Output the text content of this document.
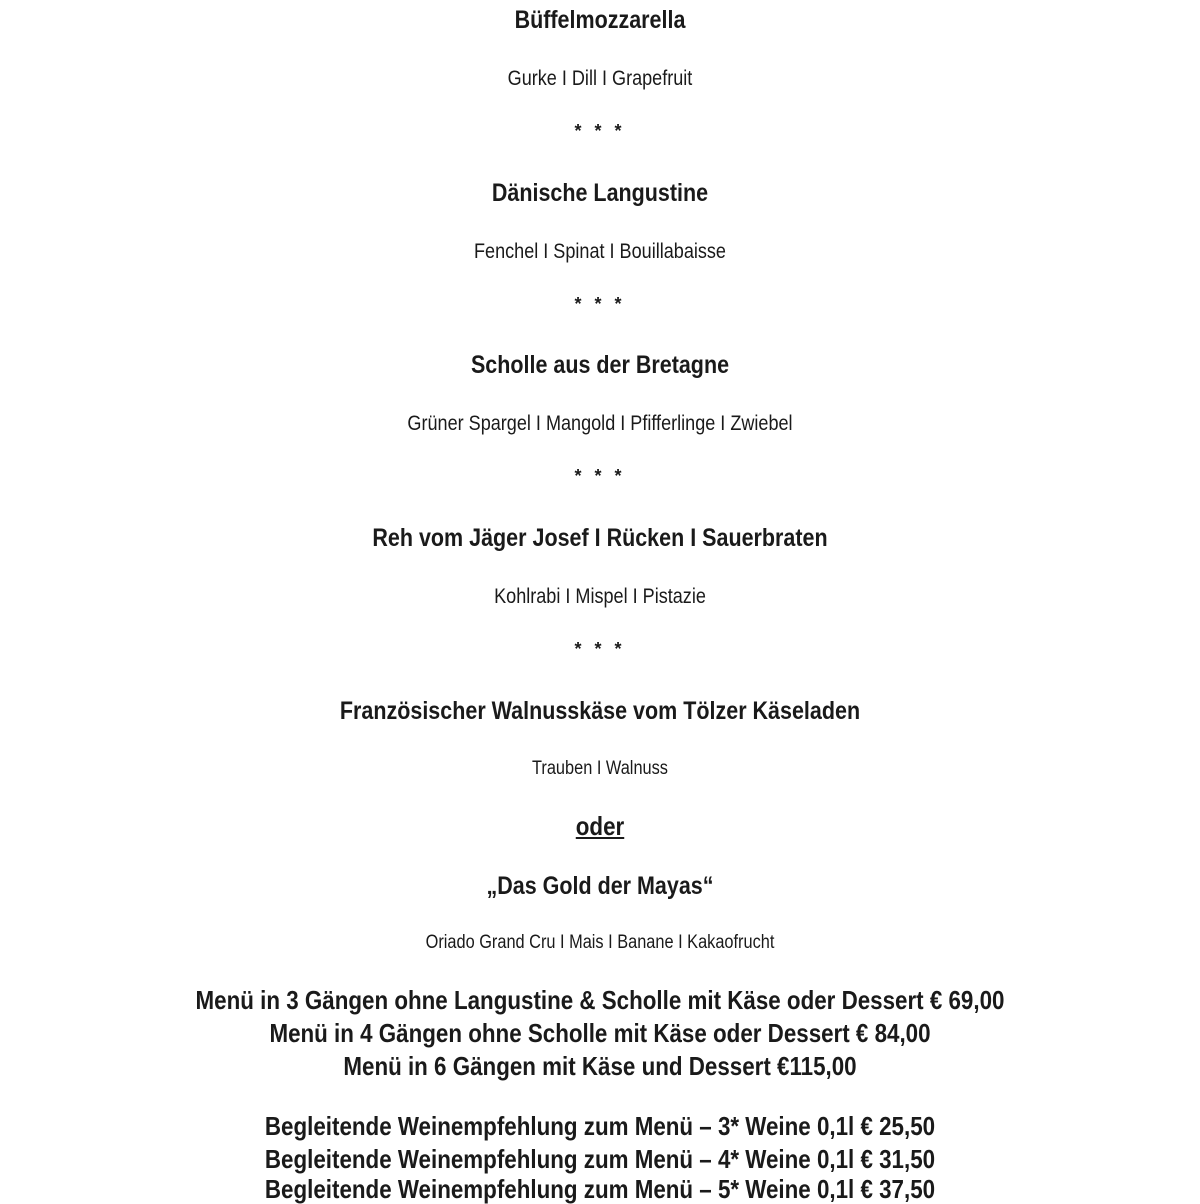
Büffelmozzarella
Gurke I Dill I Grapefruit
* * *
Dänische Langustine
Fenchel I Spinat I Bouillabaisse
* * *
Scholle aus der Bretagne
Grüner Spargel I Mangold I Pfifferlinge I Zwiebel
* * *
Reh vom Jäger Josef I Rücken I Sauerbraten
Kohlrabi I Mispel I Pistazie
* * *
Französischer Walnusskäse vom Tölzer Käseladen
Trauben I Walnuss
oder
„Das Gold der Mayas“
Oriado Grand Cru I Mais I Banane I Kakaofrucht
Menü in 3 Gängen ohne Langustine & Scholle mit Käse oder Dessert € 69,00
Menü in 4 Gängen ohne Scholle mit Käse oder Dessert € 84,00
Menü in 6 Gängen mit Käse und Dessert €115,00
Begleitende Weinempfehlung zum Menü – 3* Weine 0,1l € 25,50
Begleitende Weinempfehlung zum Menü – 4* Weine 0,1l € 31,50
Begleitende Weinempfehlung zum Menü – 5* Weine 0,1l € 37,50
